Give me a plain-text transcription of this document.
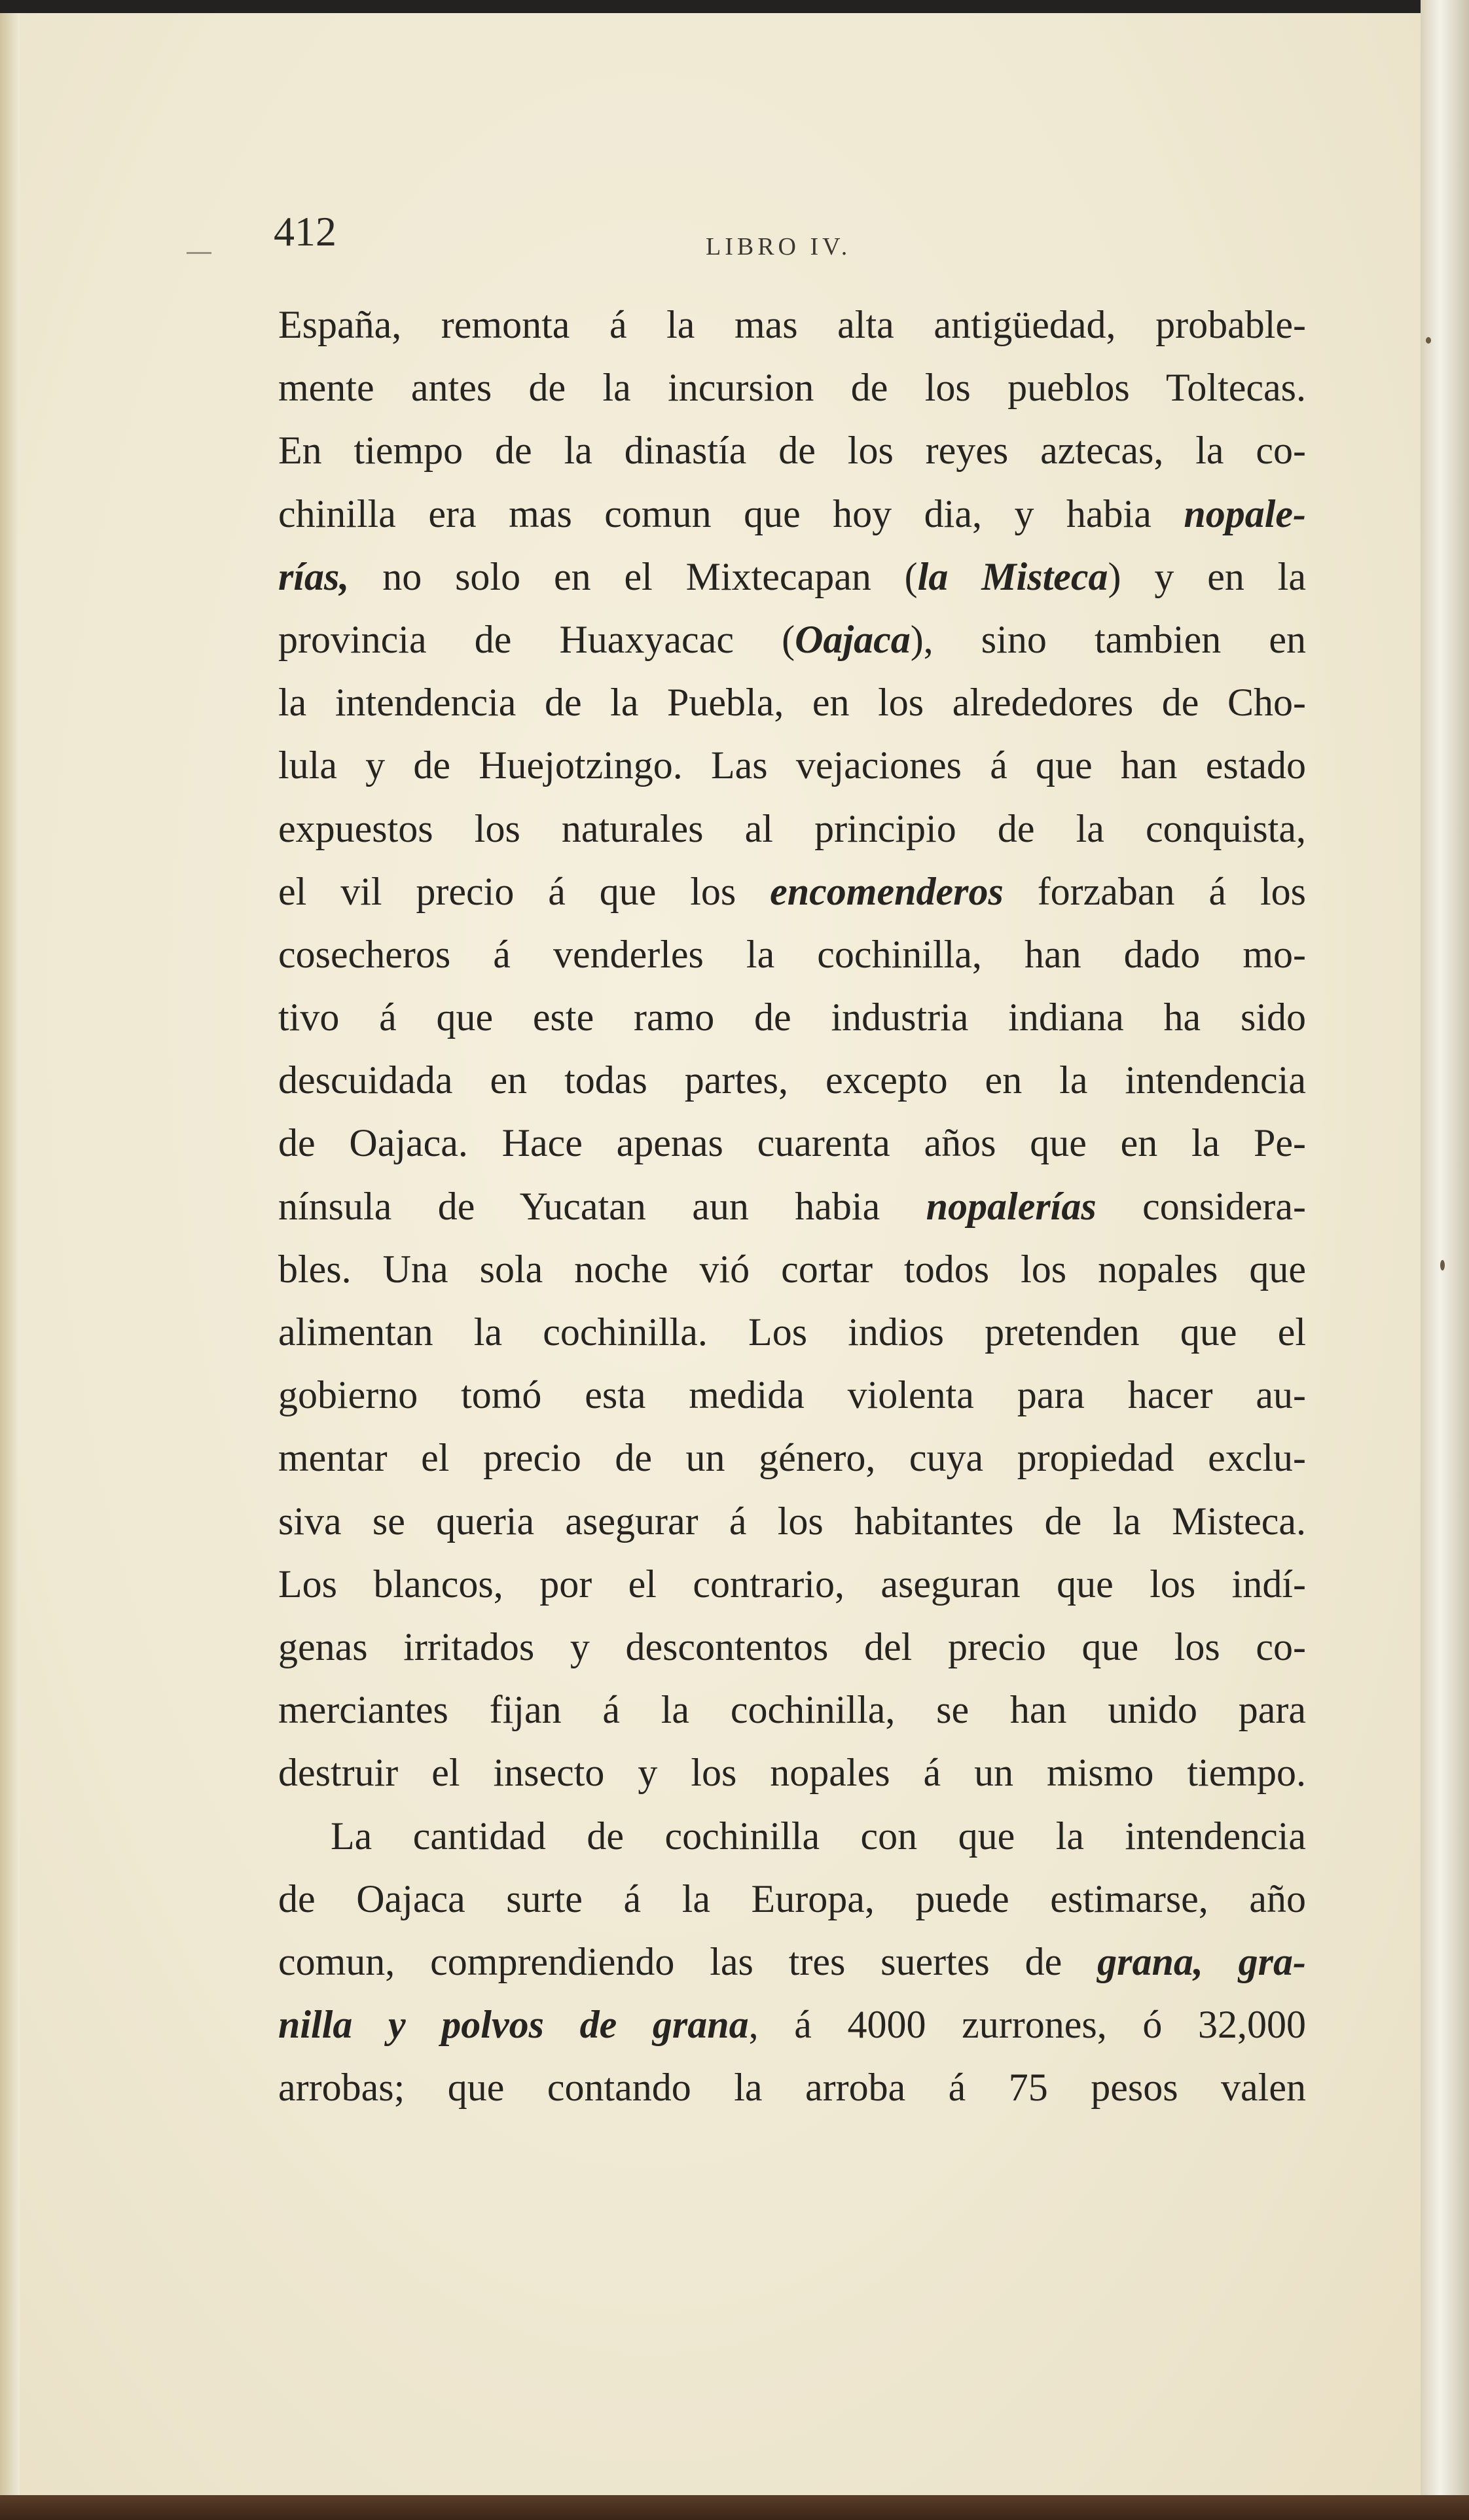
412	LIBRO IV.
España, remonta á la mas alta antigüedad, probable-
mente antes de la incursion de los pueblos Toltecas.
En tiempo de la dinastía de los reyes aztecas, la co-
chinilla era mas comun que hoy dia, y habia nopale-
rías, no solo en el Mixtecapan (la Misteca) y en la
provincia de Huaxyacac (Oajaca), sino tambien en
la intendencia de la Puebla, en los alrededores de Cho-
lula y de Huejotzingo. Las vejaciones á que han estado
expuestos los naturales al principio de la conquista,
el vil precio á que los encomenderos forzaban á los
cosecheros á venderles la cochinilla, han dado mo-
tivo á que este ramo de industria indiana ha sido
descuidada en todas partes, excepto en la intendencia
de Oajaca. Hace apenas cuarenta años que en la Pe-
nínsula de Yucatan aun habia nopalerías considera-
bles. Una sola noche vió cortar todos los nopales que
alimentan la cochinilla. Los indios pretenden que el
gobierno tomó esta medida violenta para hacer au-
mentar el precio de un género, cuya propiedad exclu-
siva se queria asegurar á los habitantes de la Misteca.
Los blancos, por el contrario, aseguran que los indí-
genas irritados y descontentos del precio que los co-
merciantes fijan á la cochinilla, se han unido para
destruir el insecto y los nopales á un mismo tiempo.
La cantidad de cochinilla con que la intendencia
de Oajaca surte á la Europa, puede estimarse, año
comun, comprendiendo las tres suertes de grana, gra-
nilla y polvos de grana, á 4000 zurrones, ó 32,000
arrobas; que contando la arroba á 75 pesos valen
